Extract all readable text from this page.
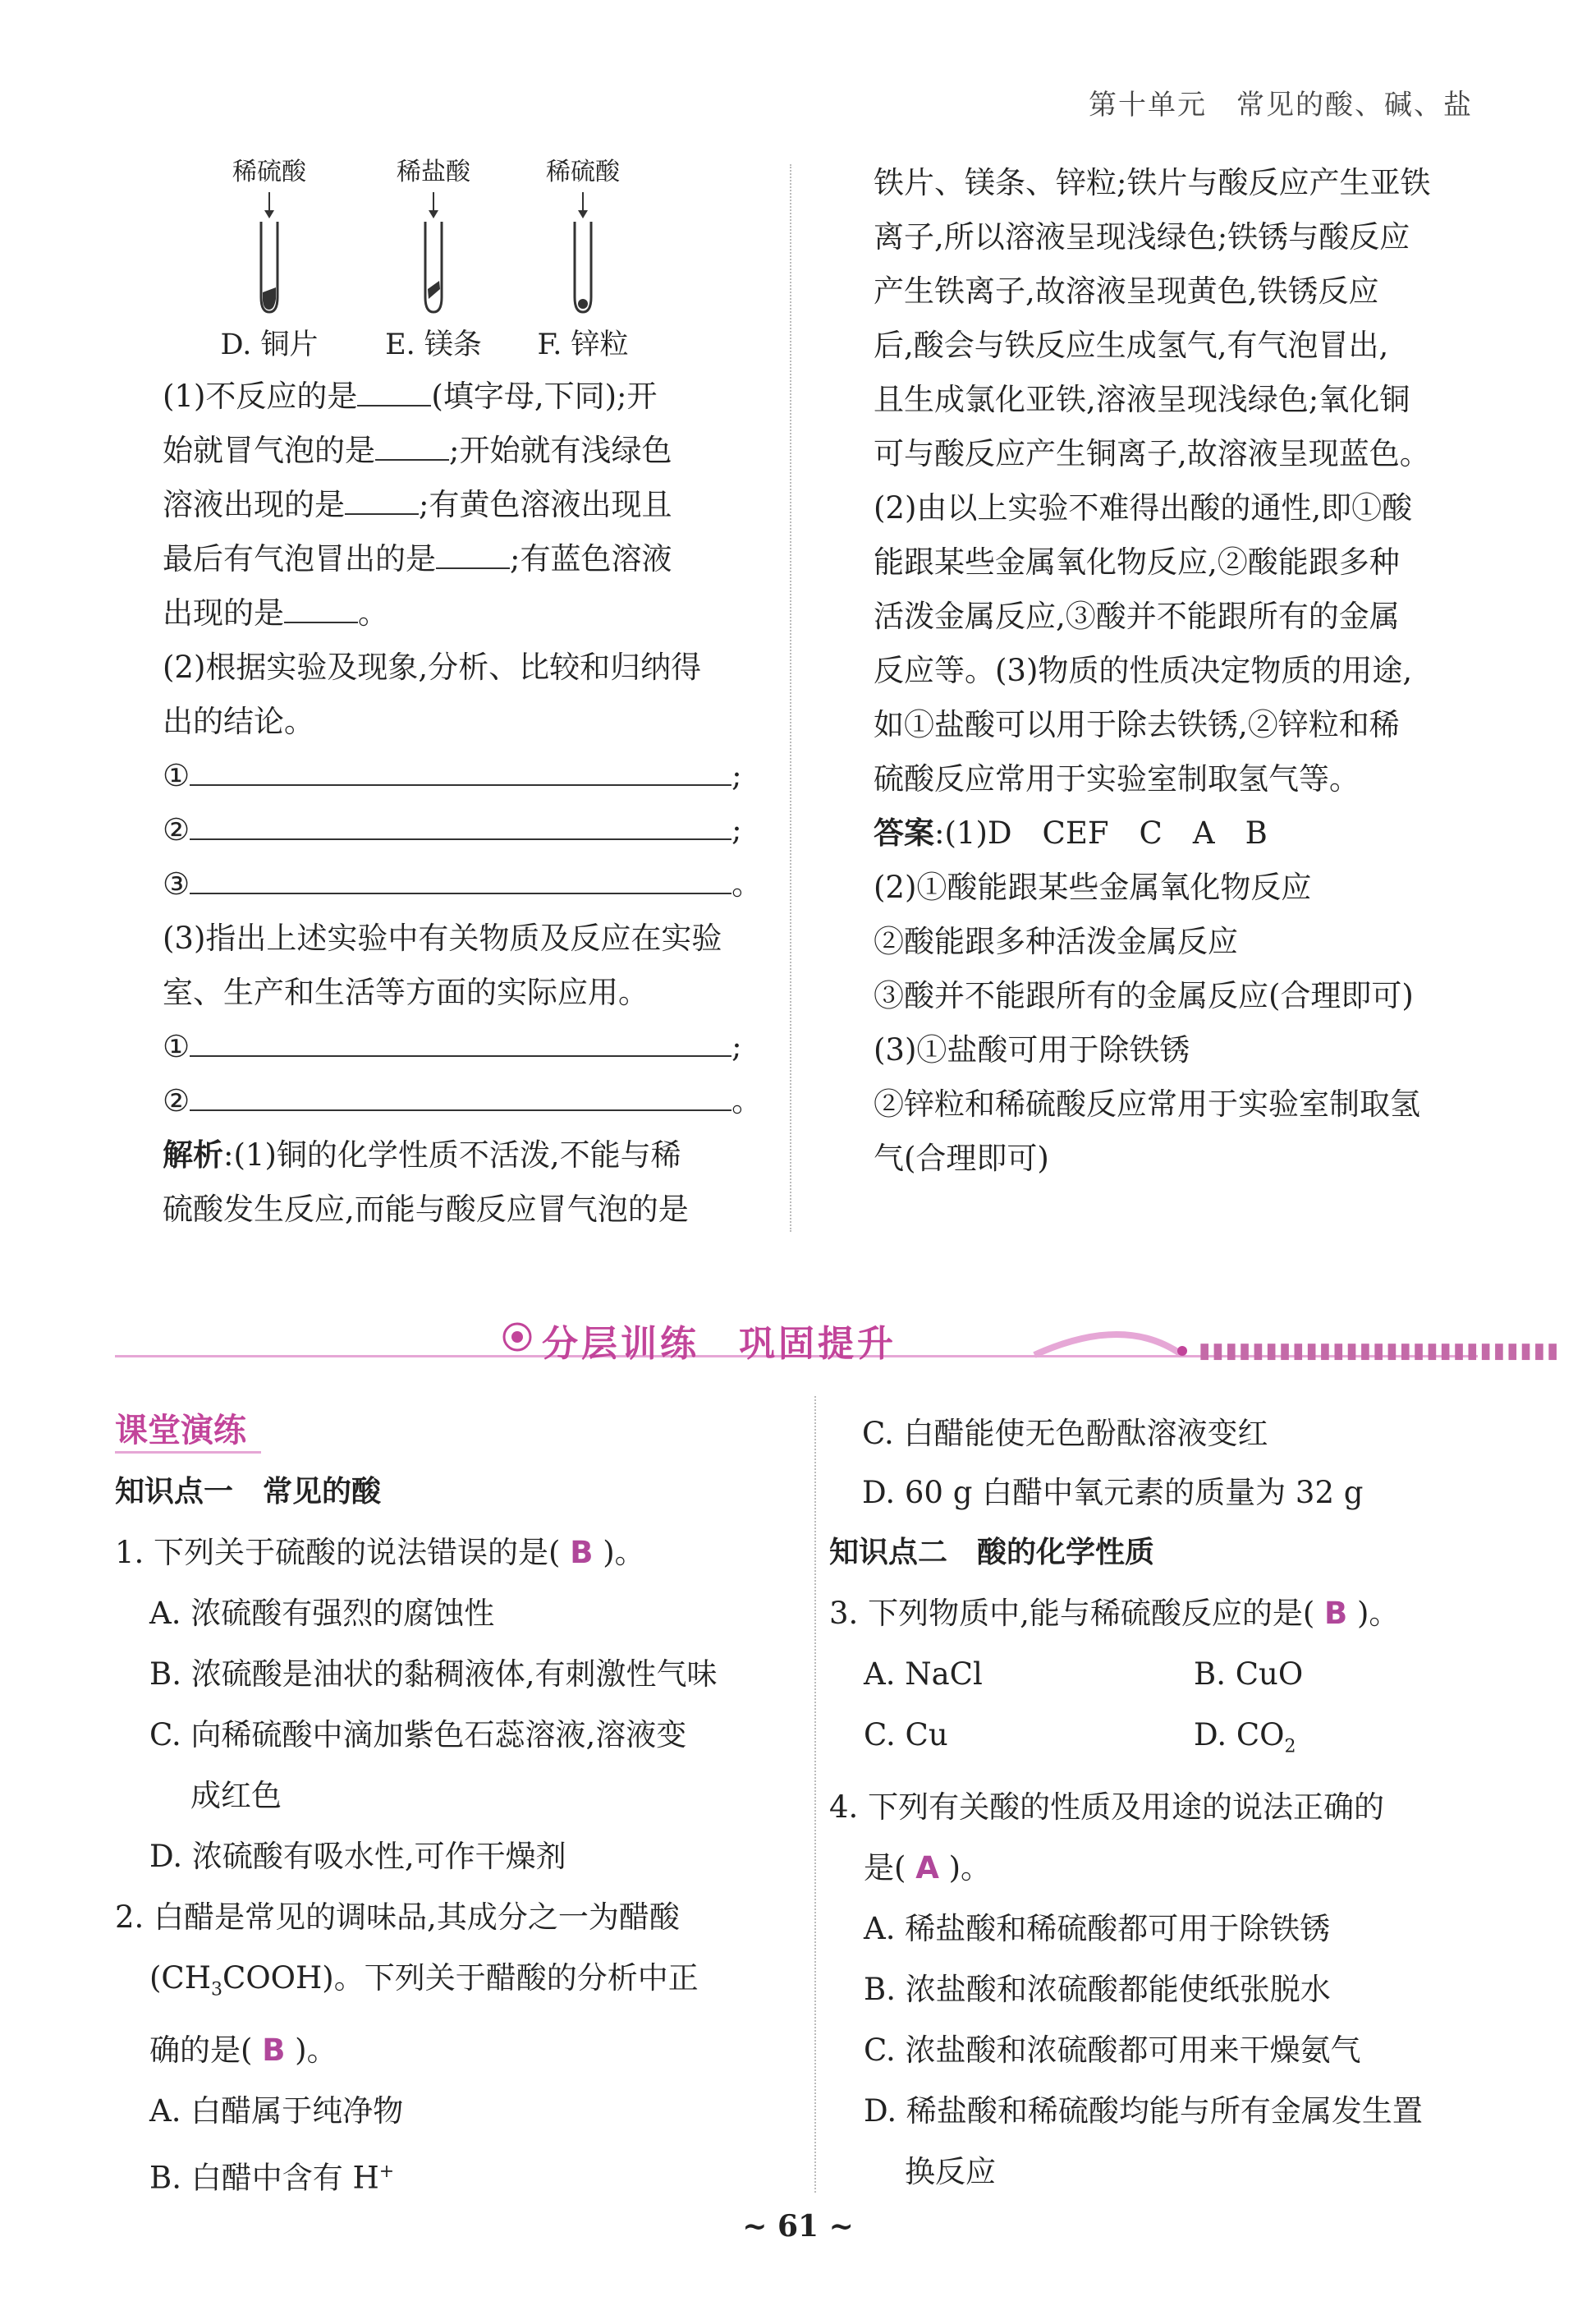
第十单元　常见的酸、碱、盐
稀硫酸
D. 铜片
稀盐酸
E. 镁条
稀硫酸
F. 锌粒
(1)不反应的是 (填字母,下同);开
始就冒气泡的是 ;开始就有浅绿色
溶液出现的是 ;有黄色溶液出现且
最后有气泡冒出的是 ;有蓝色溶液
出现的是 。
(2)根据实验及现象,分析、比较和归纳得
出的结论。
①	;
②	;
③	。
(3)指出上述实验中有关物质及反应在实验
室、生产和生活等方面的实际应用。
①	;
②	。
解析:(1)铜的化学性质不活泼,不能与稀
硫酸发生反应,而能与酸反应冒气泡的是
铁片、镁条、锌粒;铁片与酸反应产生亚铁
离子,所以溶液呈现浅绿色;铁锈与酸反应
产生铁离子,故溶液呈现黄色,铁锈反应
后,酸会与铁反应生成氢气,有气泡冒出,
且生成氯化亚铁,溶液呈现浅绿色;氧化铜
可与酸反应产生铜离子,故溶液呈现蓝色。
(2)由以上实验不难得出酸的通性,即①酸
能跟某些金属氧化物反应,②酸能跟多种
活泼金属反应,③酸并不能跟所有的金属
反应等。(3)物质的性质决定物质的用途,
如①盐酸可以用于除去铁锈,②锌粒和稀
硫酸反应常用于实验室制取氢气等。
答案:(1)D　CEF　C　A　B
(2)①酸能跟某些金属氧化物反应
②酸能跟多种活泼金属反应
③酸并不能跟所有的金属反应(合理即可)
(3)①盐酸可用于除铁锈
②锌粒和稀硫酸反应常用于实验室制取氢
气(合理即可)
分层训练　巩固提升	▮▮▮▮▮▮▮▮▮▮▮▮▮▮▮▮▮▮▮▮▮▮▮▮▮▮▮
课堂演练
知识点一　常见的酸
1. 下列关于硫酸的说法错误的是( B )。
A. 浓硫酸有强烈的腐蚀性
B. 浓硫酸是油状的黏稠液体,有刺激性气味
C. 向稀硫酸中滴加紫色石蕊溶液,溶液变
成红色
D. 浓硫酸有吸水性,可作干燥剂
2. 白醋是常见的调味品,其成分之一为醋酸
$(CH_3COOH)$。下列关于醋酸的分析中正
确的是( B )。
A. 白醋属于纯净物
B. 白醋中含有 H+
C. 白醋能使无色酚酞溶液变红
D. 60 g 白醋中氧元素的质量为 32 g
知识点二　酸的化学性质
3. 下列物质中,能与稀硫酸反应的是( B )。
A. NaCl	B. CuO
C. Cu	D. $CO_2$
4. 下列有关酸的性质及用途的说法正确的
是( A )。
A. 稀盐酸和稀硫酸都可用于除铁锈
B. 浓盐酸和浓硫酸都能使纸张脱水
C. 浓盐酸和浓硫酸都可用来干燥氨气
D. 稀盐酸和稀硫酸均能与所有金属发生置
换反应
~ 61 ~
